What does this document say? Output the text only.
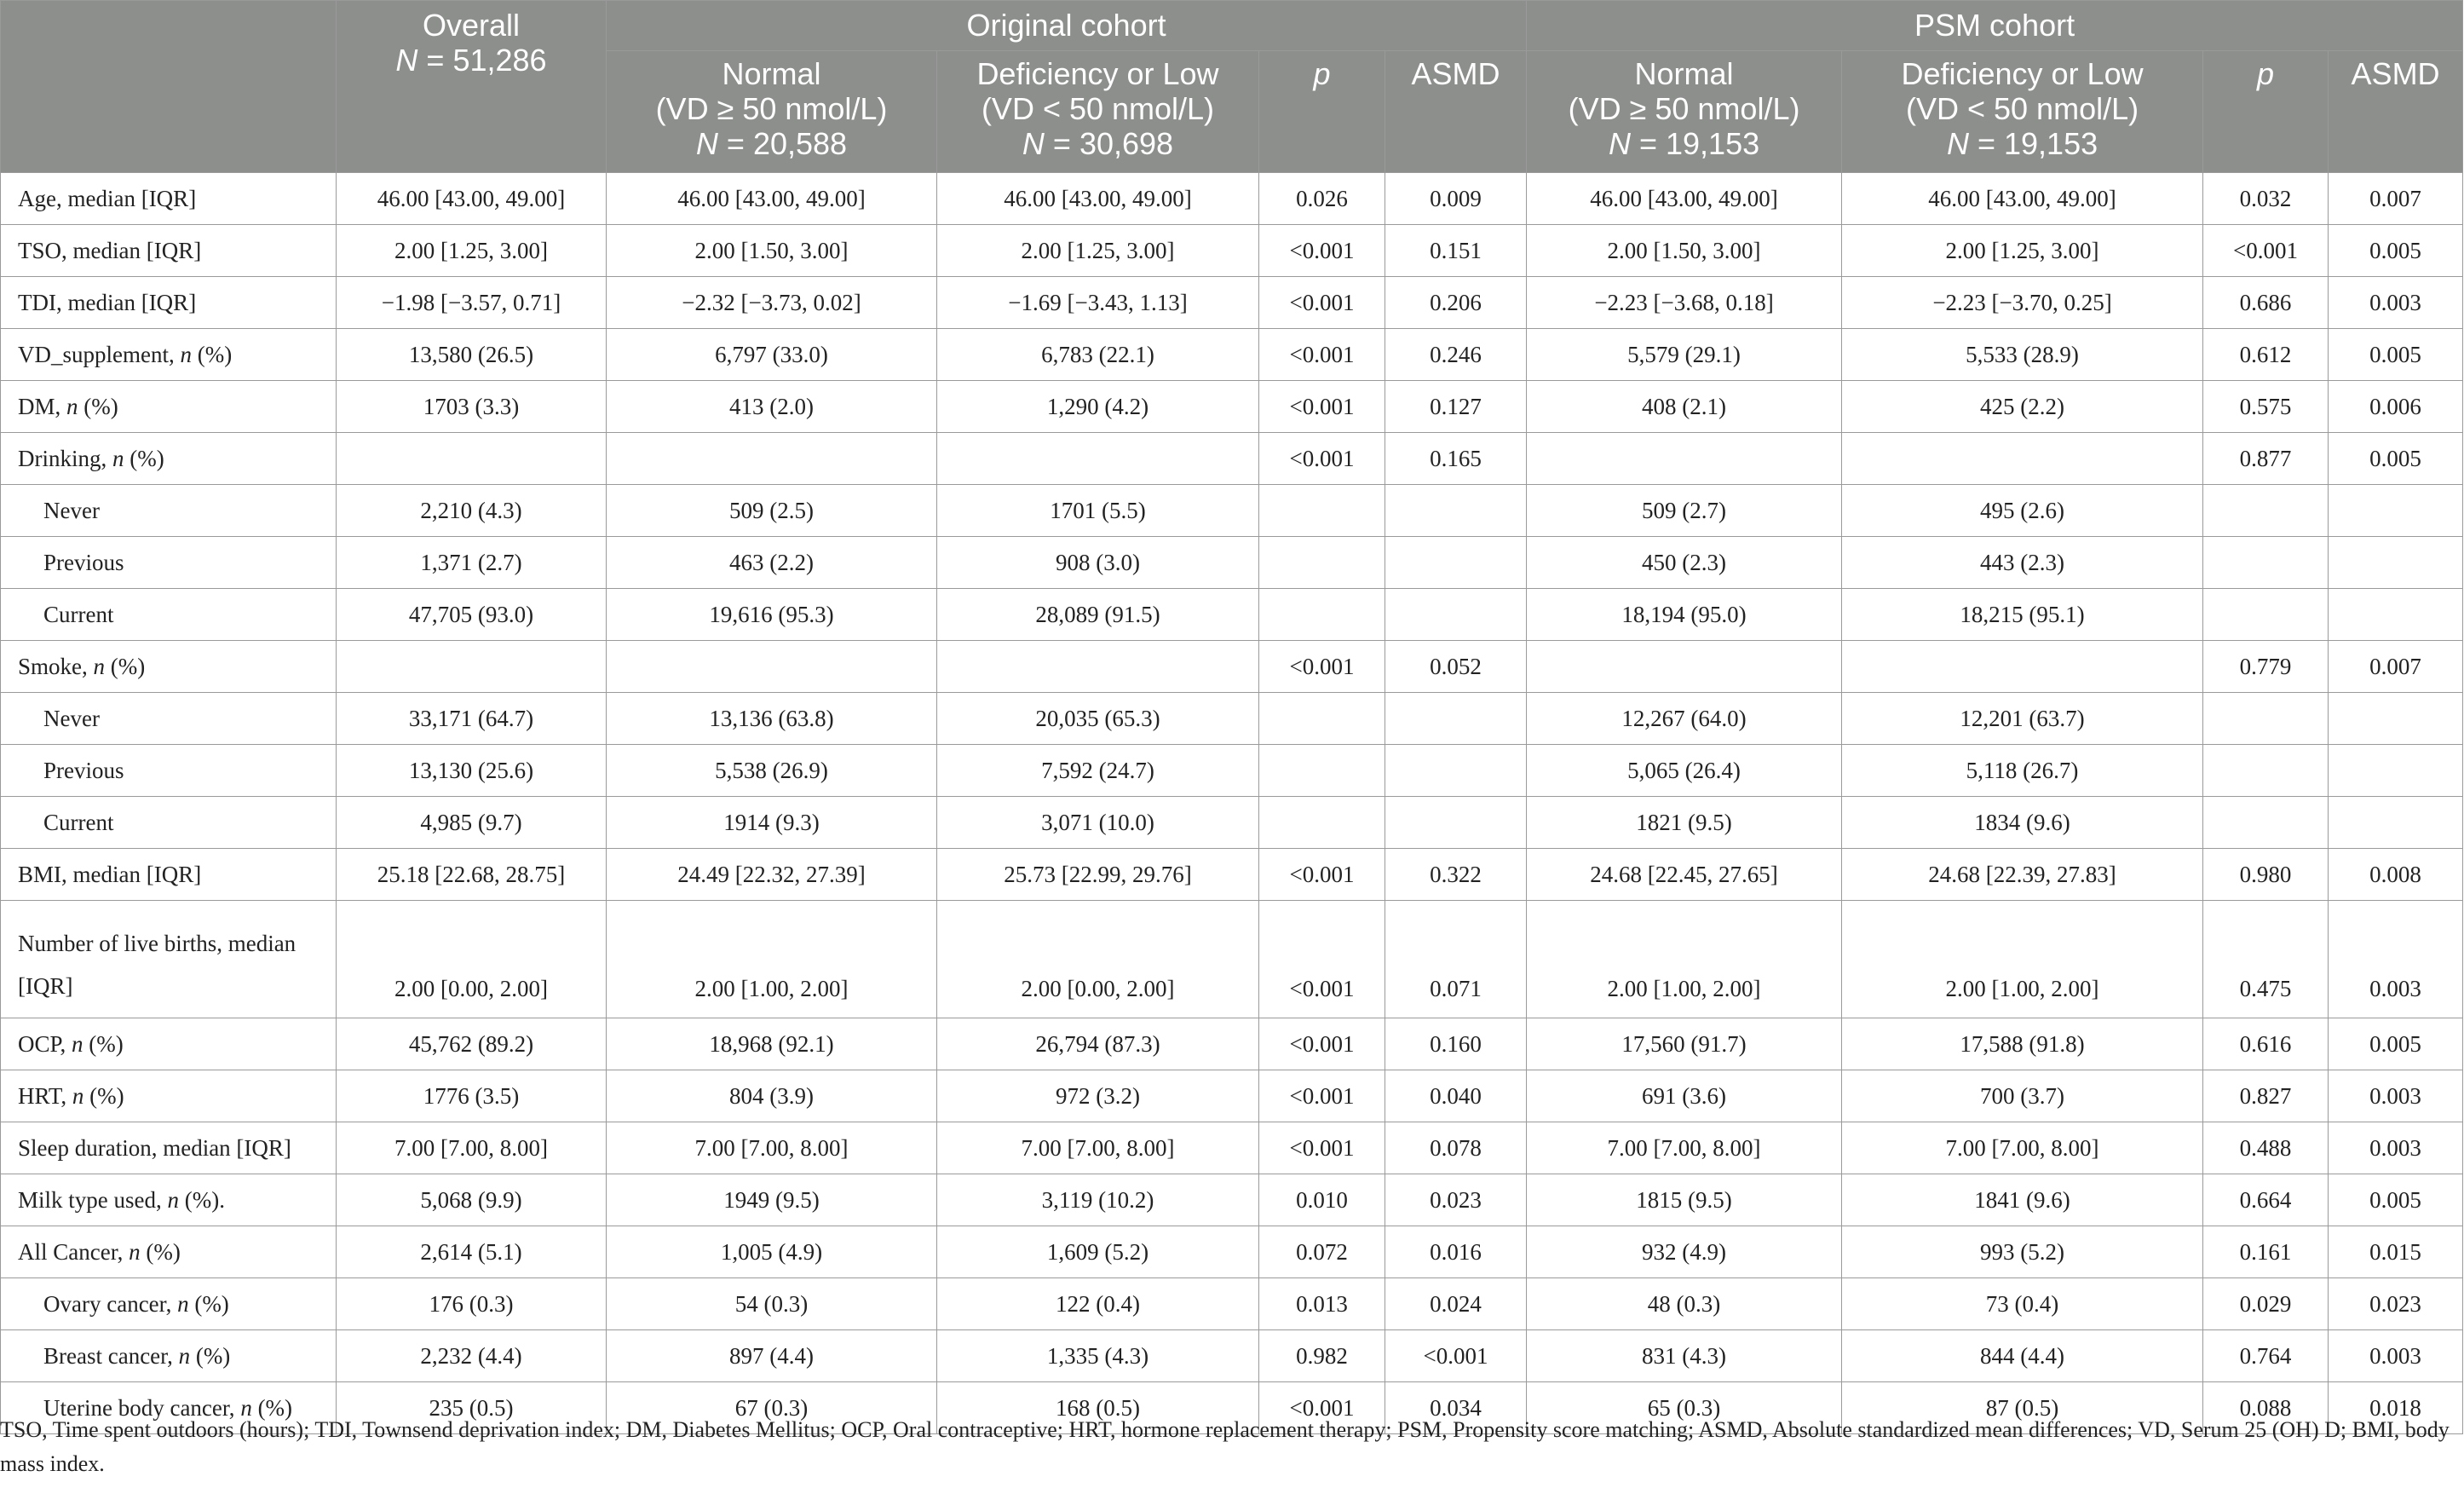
	Overall
N = 51,286	Original cohort				PSM cohort			

		Normal
(VD ≥ 50 nmol/L)
N = 20,588	Deficiency or Low
(VD < 50 nmol/L)
N = 30,698	p	ASMD	Normal
(VD ≥ 50 nmol/L)
N = 19,153	Deficiency or Low
(VD < 50 nmol/L)
N = 19,153	p	ASMD
Age, median [IQR]	46.00 [43.00, 49.00]	46.00 [43.00, 49.00]	46.00 [43.00, 49.00]	0.026	0.009	46.00 [43.00, 49.00]	46.00 [43.00, 49.00]	0.032	0.007
TSO, median [IQR]	2.00 [1.25, 3.00]	2.00 [1.50, 3.00]	2.00 [1.25, 3.00]	<0.001	0.151	2.00 [1.50, 3.00]	2.00 [1.25, 3.00]	<0.001	0.005
TDI, median [IQR]	−1.98 [−3.57, 0.71]	−2.32 [−3.73, 0.02]	−1.69 [−3.43, 1.13]	<0.001	0.206	−2.23 [−3.68, 0.18]	−2.23 [−3.70, 0.25]	0.686	0.003
VD_supplement, n (%)	13,580 (26.5)	6,797 (33.0)	6,783 (22.1)	<0.001	0.246	5,579 (29.1)	5,533 (28.9)	0.612	0.005
DM, n (%)	1703 (3.3)	413 (2.0)	1,290 (4.2)	<0.001	0.127	408 (2.1)	425 (2.2)	0.575	0.006
Drinking, n (%)				<0.001	0.165			0.877	0.005
Never	2,210 (4.3)	509 (2.5)	1701 (5.5)			509 (2.7)	495 (2.6)		
Previous	1,371 (2.7)	463 (2.2)	908 (3.0)			450 (2.3)	443 (2.3)		
Current	47,705 (93.0)	19,616 (95.3)	28,089 (91.5)			18,194 (95.0)	18,215 (95.1)		
Smoke, n (%)				<0.001	0.052			0.779	0.007
Never	33,171 (64.7)	13,136 (63.8)	20,035 (65.3)			12,267 (64.0)	12,201 (63.7)		
Previous	13,130 (25.6)	5,538 (26.9)	7,592 (24.7)			5,065 (26.4)	5,118 (26.7)		
Current	4,985 (9.7)	1914 (9.3)	3,071 (10.0)			1821 (9.5)	1834 (9.6)		
BMI, median [IQR]	25.18 [22.68, 28.75]	24.49 [22.32, 27.39]	25.73 [22.99, 29.76]	<0.001	0.322	24.68 [22.45, 27.65]	24.68 [22.39, 27.83]	0.980	0.008
Number of live births, median [IQR]	2.00 [0.00, 2.00]	2.00 [1.00, 2.00]	2.00 [0.00, 2.00]	<0.001	0.071	2.00 [1.00, 2.00]	2.00 [1.00, 2.00]	0.475	0.003
OCP, n (%)	45,762 (89.2)	18,968 (92.1)	26,794 (87.3)	<0.001	0.160	17,560 (91.7)	17,588 (91.8)	0.616	0.005
HRT, n (%)	1776 (3.5)	804 (3.9)	972 (3.2)	<0.001	0.040	691 (3.6)	700 (3.7)	0.827	0.003
Sleep duration, median [IQR]	7.00 [7.00, 8.00]	7.00 [7.00, 8.00]	7.00 [7.00, 8.00]	<0.001	0.078	7.00 [7.00, 8.00]	7.00 [7.00, 8.00]	0.488	0.003
Milk type used, n (%).	5,068 (9.9)	1949 (9.5)	3,119 (10.2)	0.010	0.023	1815 (9.5)	1841 (9.6)	0.664	0.005
All Cancer, n (%)	2,614 (5.1)	1,005 (4.9)	1,609 (5.2)	0.072	0.016	932 (4.9)	993 (5.2)	0.161	0.015
Ovary cancer, n (%)	176 (0.3)	54 (0.3)	122 (0.4)	0.013	0.024	48 (0.3)	73 (0.4)	0.029	0.023
Breast cancer, n (%)	2,232 (4.4)	897 (4.4)	1,335 (4.3)	0.982	<0.001	831 (4.3)	844 (4.4)	0.764	0.003
Uterine body cancer, n (%)	235 (0.5)	67 (0.3)	168 (0.5)	<0.001	0.034	65 (0.3)	87 (0.5)	0.088	0.018
TSO, Time spent outdoors (hours); TDI, Townsend deprivation index; DM, Diabetes Mellitus; OCP, Oral contraceptive; HRT, hormone replacement therapy; PSM, Propensity score matching; ASMD, Absolute standardized mean differences; VD, Serum 25 (OH) D; BMI, body mass index.
